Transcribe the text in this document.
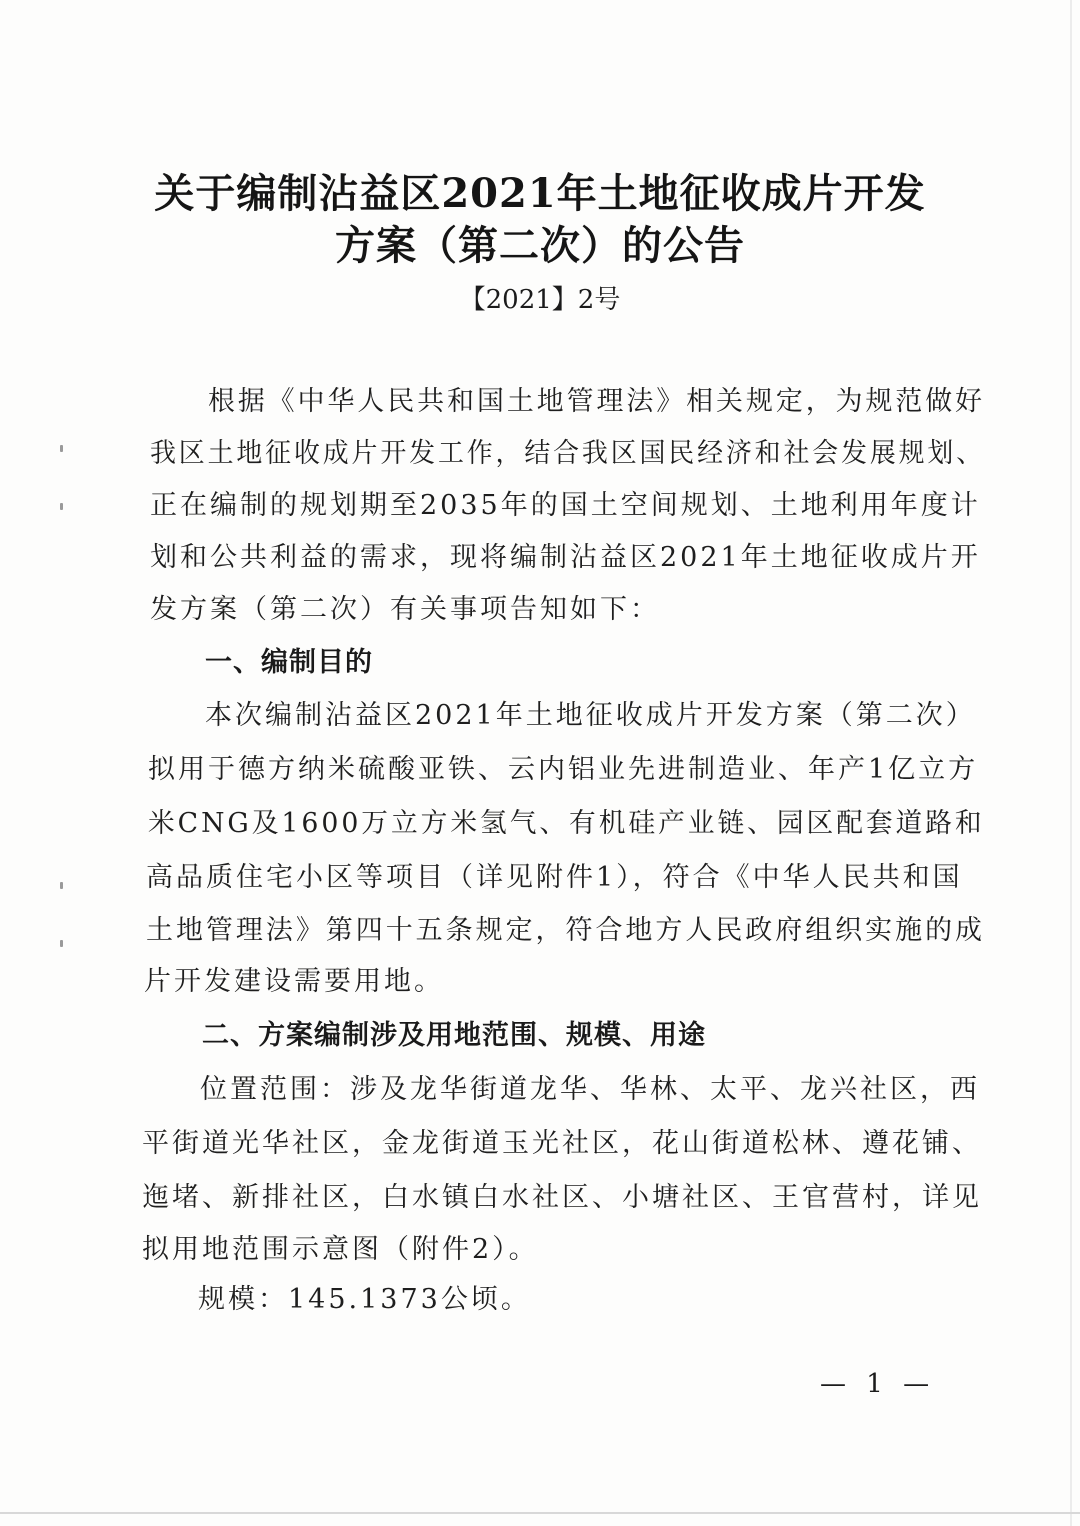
关于编制沾益区2021年土地征收成片开发
方案（第二次）的公告
【2021】2号
根据《中华人民共和国土地管理法》相关规定，为规范做好
我区土地征收成片开发工作，结合我区国民经济和社会发展规划、
正在编制的规划期至2035年的国土空间规划、土地利用年度计
划和公共利益的需求，现将编制沾益区2021年土地征收成片开
发方案（第二次）有关事项告知如下：
一、编制目的
本次编制沾益区2021年土地征收成片开发方案（第二次）
拟用于德方纳米硫酸亚铁、云内铝业先进制造业、年产1亿立方
米CNG及1600万立方米氢气、有机硅产业链、园区配套道路和
高品质住宅小区等项目（详见附件1），符合《中华人民共和国
土地管理法》第四十五条规定，符合地方人民政府组织实施的成
片开发建设需要用地。
二、方案编制涉及用地范围、规模、用途
位置范围：涉及龙华街道龙华、华林、太平、龙兴社区，西
平街道光华社区，金龙街道玉光社区，花山街道松林、遵花铺、
迤堵、新排社区，白水镇白水社区、小塘社区、王官营村，详见
拟用地范围示意图（附件2）。
规模：145.1373公顷。
— 1 —
